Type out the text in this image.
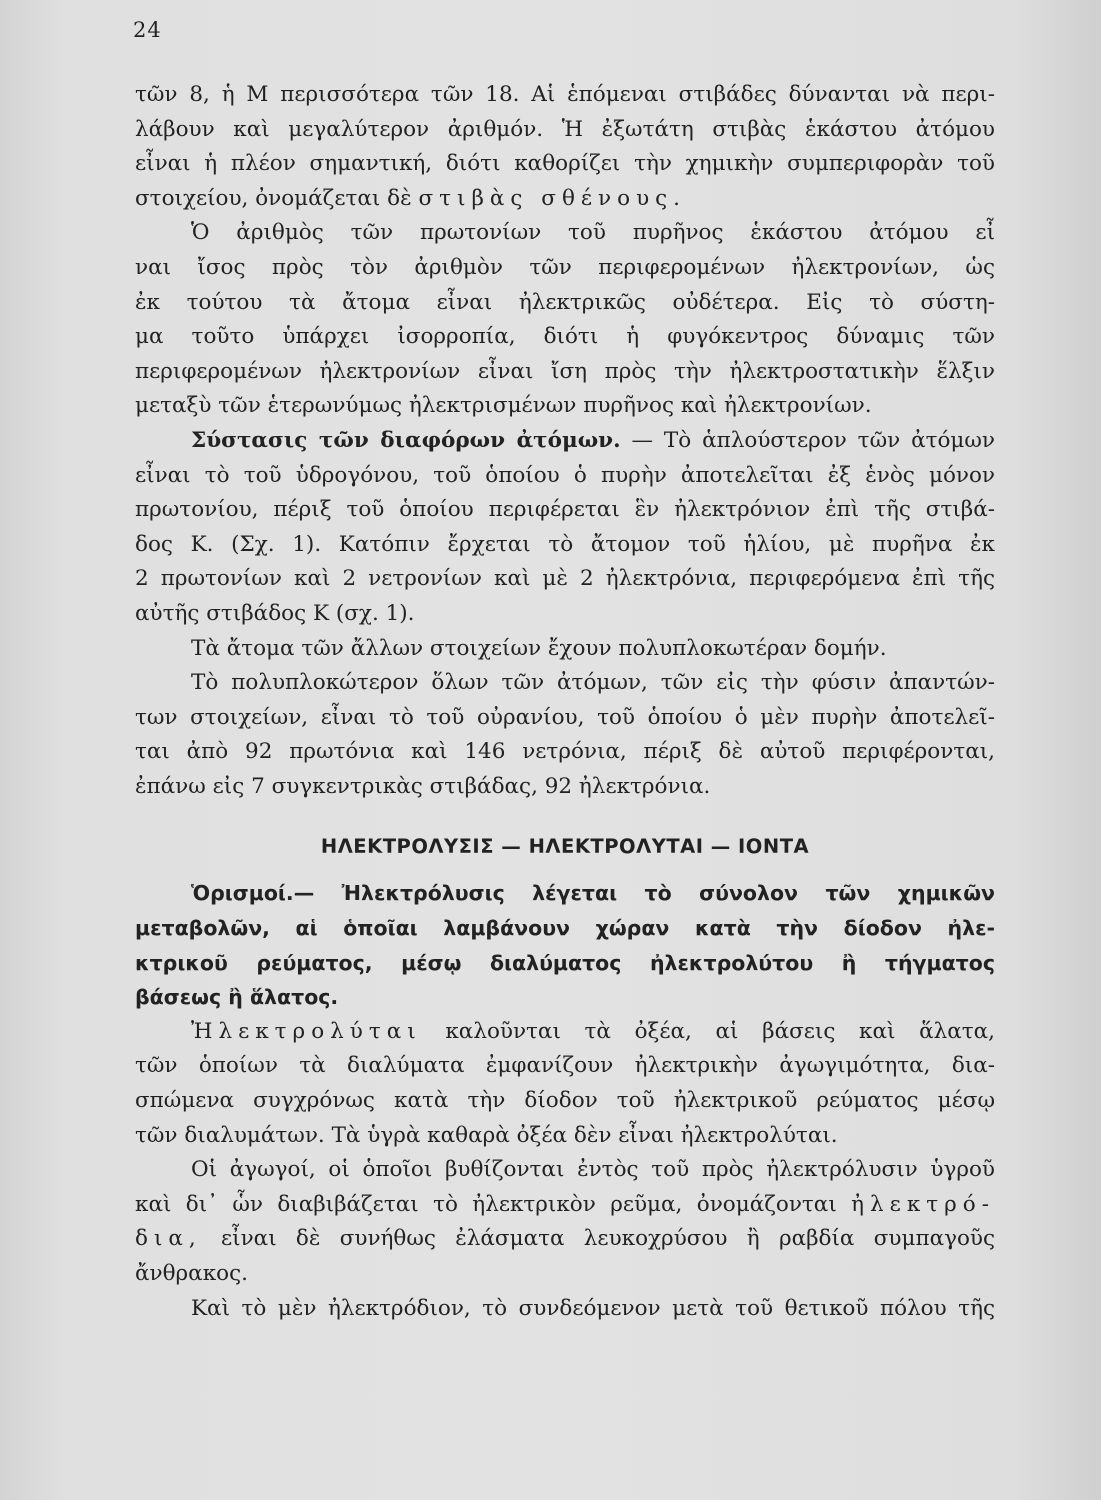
24
τῶν 8, ἡ Μ περισσότερα τῶν 18. Αἱ ἑπόμεναι στιβάδες δύνανται νὰ περι-
λάβουν καὶ μεγαλύτερον ἀριθμόν. Ἡ ἐξωτάτη στιβὰς ἑκάστου ἀτόμου
εἶναι ἡ πλέον σημαντική, διότι καθορίζει τὴν χημικὴν συμπεριφορὰν τοῦ
στοιχείου, ὀνομάζεται δὲ στιβὰς σθένους.
Ὁ ἀριθμὸς τῶν πρωτονίων τοῦ πυρῆνος ἑκάστου ἀτόμου εἶ
ναι ἴσος πρὸς τὸν ἀριθμὸν τῶν περιφερομένων ἠλεκτρονίων, ὡς
ἐκ τούτου τὰ ἄτομα εἶναι ἠλεκτρικῶς οὐδέτερα. Εἰς τὸ σύστη-
μα τοῦτο ὑπάρχει ἰσορροπία, διότι ἡ φυγόκεντρος δύναμις τῶν
περιφερομένων ἠλεκτρονίων εἶναι ἴση πρὸς τὴν ἠλεκτροστατικὴν ἕλξιν
μεταξὺ τῶν ἑτερωνύμως ἠλεκτρισμένων πυρῆνος καὶ ἠλεκτρονίων.
Σύστασις τῶν διαφόρων ἀτόμων. — Τὸ ἁπλούστερον τῶν ἀτόμων
εἶναι τὸ τοῦ ὑδρογόνου, τοῦ ὁποίου ὁ πυρὴν ἀποτελεῖται ἐξ ἑνὸς μόνον
πρωτονίου, πέριξ τοῦ ὁποίου περιφέρεται ἓν ἠλεκτρόνιον ἐπὶ τῆς στιβά-
δος Κ. (Σχ. 1). Κατόπιν ἔρχεται τὸ ἄτομον τοῦ ἡλίου, μὲ πυρῆνα ἐκ
2 πρωτονίων καὶ 2 νετρονίων καὶ μὲ 2 ἠλεκτρόνια, περιφερόμενα ἐπὶ τῆς
αὐτῆς στιβάδος Κ (σχ. 1).
Τὰ ἄτομα τῶν ἄλλων στοιχείων ἔχουν πολυπλοκωτέραν δομήν.
Τὸ πολυπλοκώτερον ὅλων τῶν ἀτόμων, τῶν εἰς τὴν φύσιν ἀπαντών-
των στοιχείων, εἶναι τὸ τοῦ οὐρανίου, τοῦ ὁποίου ὁ μὲν πυρὴν ἀποτελεῖ-
ται ἀπὸ 92 πρωτόνια καὶ 146 νετρόνια, πέριξ δὲ αὐτοῦ περιφέρονται,
ἐπάνω εἰς 7 συγκεντρικὰς στιβάδας, 92 ἠλεκτρόνια.
ΗΛΕΚΤΡΟΛΥΣΙΣ — ΗΛΕΚΤΡΟΛΥΤΑΙ — ΙΟΝΤΑ
Ὁρισμοί.— Ἠλεκτρόλυσις λέγεται τὸ σύνολον τῶν χημικῶν
μεταβολῶν, αἱ ὁποῖαι λαμβάνουν χώραν κατὰ τὴν δίοδον ἠλε-
κτρικοῦ ρεύματος, μέσῳ διαλύματος ἠλεκτρολύτου ἢ τήγματος
βάσεως ἢ ἅλατος.
Ἠλεκτρολύται καλοῦνται τὰ ὀξέα, αἱ βάσεις καὶ ἅλατα,
τῶν ὁποίων τὰ διαλύματα ἐμφανίζουν ἠλεκτρικὴν ἀγωγιμότητα, δια-
σπώμενα συγχρόνως κατὰ τὴν δίοδον τοῦ ἠλεκτρικοῦ ρεύματος μέσῳ
τῶν διαλυμάτων. Τὰ ὑγρὰ καθαρὰ ὀξέα δὲν εἶναι ἠλεκτρολύται.
Οἱ ἀγωγοί, οἱ ὁποῖοι βυθίζονται ἐντὸς τοῦ πρὸς ἠλεκτρόλυσιν ὑγροῦ
καὶ δι᾽ ὧν διαβιβάζεται τὸ ἠλεκτρικὸν ρεῦμα, ὀνομάζονται ἠλεκτρό-
δια, εἶναι δὲ συνήθως ἐλάσματα λευκοχρύσου ἢ ραβδία συμπαγοῦς
ἄνθρακος.
Καὶ τὸ μὲν ἠλεκτρόδιον, τὸ συνδεόμενον μετὰ τοῦ θετικοῦ πόλου τῆς
